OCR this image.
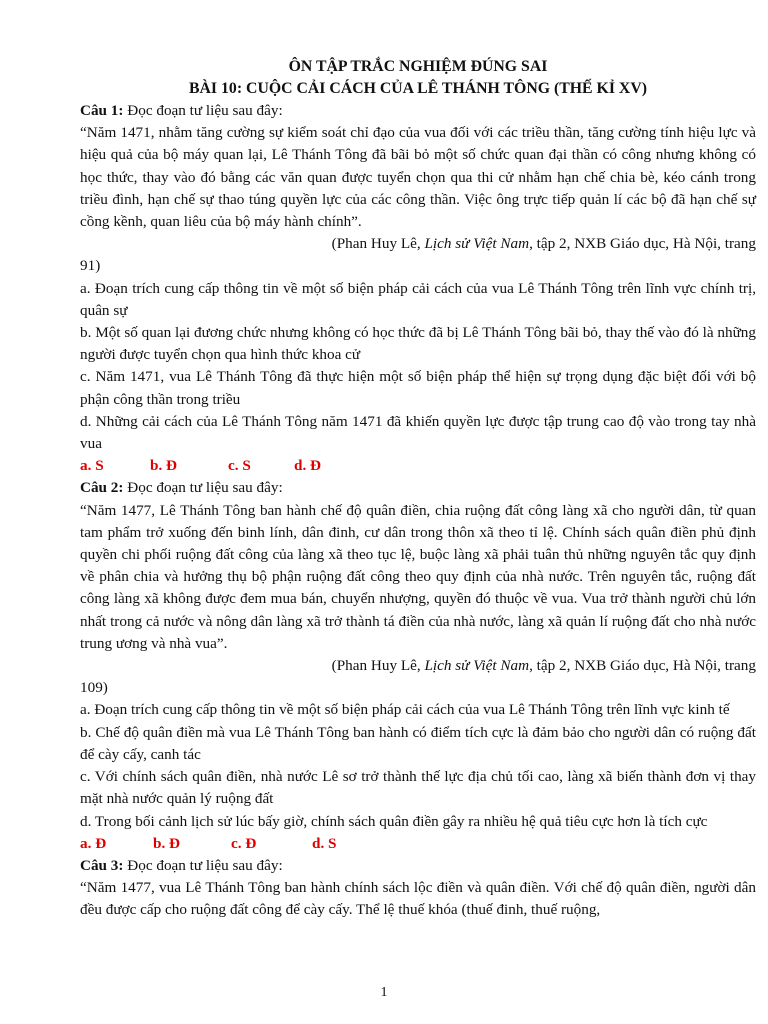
ÔN TẬP TRẮC NGHIỆM ĐÚNG SAI
BÀI 10: CUỘC CẢI CÁCH CỦA LÊ THÁNH TÔNG (THẾ KỈ XV)

Câu 1: Đọc đoạn tư liệu sau đây:

“Năm 1471, nhằm tăng cường sự kiểm soát chỉ đạo của vua đối với các triều thần, tăng cường tính hiệu lực và hiệu quả của bộ máy quan lại, Lê Thánh Tông đã bãi bỏ một số chức quan đại thần có công nhưng không có học thức, thay vào đó bằng các văn quan được tuyển chọn qua thi cử nhằm hạn chế chia bè, kéo cánh trong triều đình, hạn chế sự thao túng quyền lực của các công thần. Việc ông trực tiếp quản lí các bộ đã hạn chế sự cồng kềnh, quan liêu của bộ máy hành chính”.

(Phan Huy Lê, Lịch sử Việt Nam, tập 2, NXB Giáo dục, Hà Nội, trang

91)

a. Đoạn trích cung cấp thông tin về một số biện pháp cải cách của vua Lê Thánh Tông trên lĩnh vực chính trị, quân sự

b. Một số quan lại đương chức nhưng không có học thức đã bị Lê Thánh Tông bãi bỏ, thay thế vào đó là những người được tuyển chọn qua hình thức khoa cử

c. Năm 1471, vua Lê Thánh Tông đã thực hiện một số biện pháp thể hiện sự trọng dụng đặc biệt đối với bộ phận công thần trong triều

d. Những cải cách của Lê Thánh Tông năm 1471 đã khiến quyền lực được tập trung cao độ vào trong tay nhà vua

a. S	b. Đ	c. S	d. Đ

Câu 2: Đọc đoạn tư liệu sau đây:

“Năm 1477, Lê Thánh Tông ban hành chế độ quân điền, chia ruộng đất công làng xã cho người dân, từ quan tam phẩm trở xuống đến binh lính, dân đinh, cư dân trong thôn xã theo tỉ lệ. Chính sách quân điền phủ định quyền chi phối ruộng đất công của làng xã theo tục lệ, buộc làng xã phải tuân thủ những nguyên tắc quy định về phân chia và hưởng thụ bộ phận ruộng đất công theo quy định của nhà nước. Trên nguyên tắc, ruộng đất công làng xã không được đem mua bán, chuyển nhượng, quyền đó thuộc về vua. Vua trở thành người chủ lớn nhất trong cả nước và nông dân làng xã trở thành tá điền của nhà nước, làng xã quản lí ruộng đất cho nhà nước trung ương và nhà vua”.

(Phan Huy Lê, Lịch sử Việt Nam, tập 2, NXB Giáo dục, Hà Nội, trang

109)

a. Đoạn trích cung cấp thông tin về một số biện pháp cải cách của vua Lê Thánh Tông trên lĩnh vực kinh tế

b. Chế độ quân điền mà vua Lê Thánh Tông ban hành có điểm tích cực là đảm bảo cho người dân có ruộng đất để cày cấy, canh tác

c. Với chính sách quân điền, nhà nước Lê sơ trở thành thế lực địa chủ tối cao, làng xã biến thành đơn vị thay mặt nhà nước quản lý ruộng đất

d. Trong bối cảnh lịch sử lúc bấy giờ, chính sách quân điền gây ra nhiều hệ quả tiêu cực hơn là tích cực

a. Đ	b. Đ	c. Đ	d. S

Câu 3: Đọc đoạn tư liệu sau đây:

“Năm 1477, vua Lê Thánh Tông ban hành chính sách lộc điền và quân điền. Với chế độ quân điền, người dân đều được cấp cho ruộng đất công để cày cấy. Thể lệ thuế khóa (thuế đinh, thuế ruộng,

1
